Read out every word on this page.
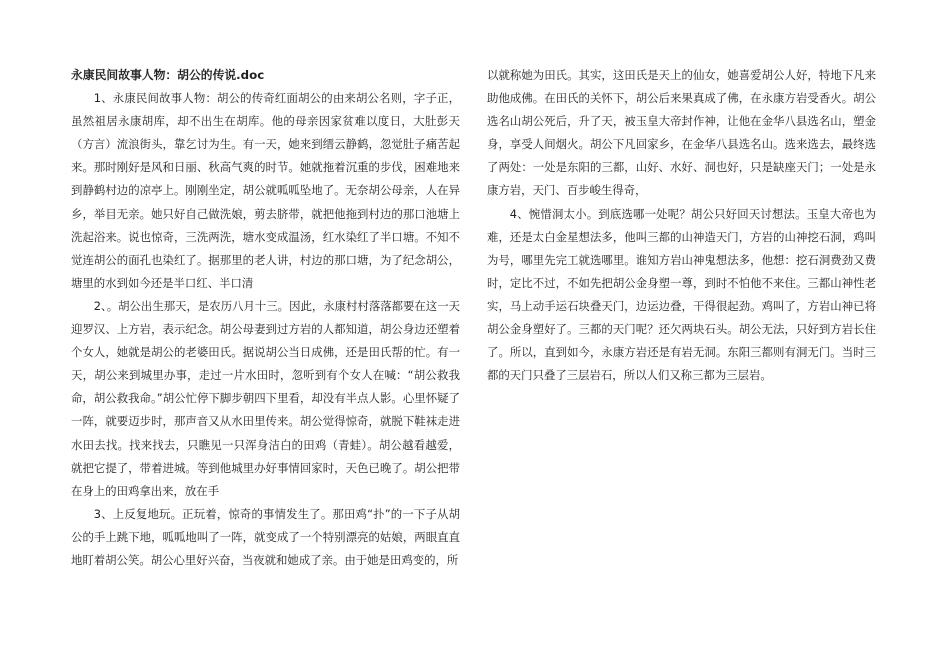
永康民间故事人物：胡公的传说.doc

1、永康民间故事人物：胡公的传奇红面胡公的由来胡公名则，字子正，虽然祖居永康胡库，却不出生在胡库。他的母亲因家贫难以度日，大肚彭天（方言）流浪街头，靠乞讨为生。有一天，她来到缙云静鹤，忽觉肚子痛苦起来。那时刚好是风和日丽、秋高气爽的时节。她就拖着沉重的步伐，困难地来到静鹤村边的凉亭上。刚刚坐定，胡公就呱呱坠地了。无奈胡公母亲，人在异乡，举目无亲。她只好自己做洗娘，剪去脐带，就把他拖到村边的那口池塘上洗起浴来。说也惊奇，三洗两洗，塘水变成温汤，红水染红了半口塘。不知不觉连胡公的面孔也染红了。据那里的老人讲，村边的那口塘，为了纪念胡公，塘里的水到如今还是半口红、半口清

2、。胡公出生那天，是农历八月十三。因此，永康村村落落都要在这一天迎罗汉、上方岩，表示纪念。胡公母妻到过方岩的人都知道，胡公身边还塑着个女人，她就是胡公的老婆田氏。据说胡公当日成佛，还是田氏帮的忙。有一天，胡公来到城里办事，走过一片水田时，忽听到有个女人在喊：“胡公救我命，胡公救我命。”胡公忙停下脚步朝四下里看，却没有半点人影。心里怀疑了一阵，就要迈步时，那声音又从水田里传来。胡公觉得惊奇，就脱下鞋袜走进水田去找。找来找去，只瞧见一只浑身洁白的田鸡（青蛙）。胡公越看越爱，就把它提了，带着进城。等到他城里办好事情回家时，天色已晚了。胡公把带在身上的田鸡拿出来，放在手

3、上反复地玩。正玩着，惊奇的事情发生了。那田鸡“扑”的一下子从胡公的手上跳下地，呱呱地叫了一阵，就变成了一个特别漂亮的姑娘，两眼直直地盯着胡公笑。胡公心里好兴奋，当夜就和她成了亲。由于她是田鸡变的，所

以就称她为田氏。其实，这田氏是天上的仙女，她喜爱胡公人好，特地下凡来助他成佛。在田氏的关怀下，胡公后来果真成了佛，在永康方岩受香火。胡公选名山胡公死后，升了天，被玉皇大帝封作神，让他在金华八县选名山，塑金身，享受人间烟火。胡公下凡回家乡，在金华八县选名山。选来选去，最终选了两处：一处是东阳的三都，山好、水好、洞也好，只是缺座天门；一处是永康方岩，天门、百步峻生得奇，

4、惋惜洞太小。到底选哪一处呢？胡公只好回天讨想法。玉皇大帝也为难，还是太白金星想法多，他叫三都的山神造天门，方岩的山神挖石洞，鸡叫为号，哪里先完工就选哪里。谁知方岩山神鬼想法多，他想：挖石洞费劲又费时，定比不过，不如先把胡公金身塑一尊，到时不怕他不来住。三都山神性老实，马上动手运石块叠天门，边运边叠，干得很起劲。鸡叫了，方岩山神已将胡公金身塑好了。三都的天门呢？还欠两块石头。胡公无法，只好到方岩长住了。所以，直到如今，永康方岩还是有岩无洞。东阳三都则有洞无门。当时三都的天门只叠了三层岩石，所以人们又称三都为三层岩。
